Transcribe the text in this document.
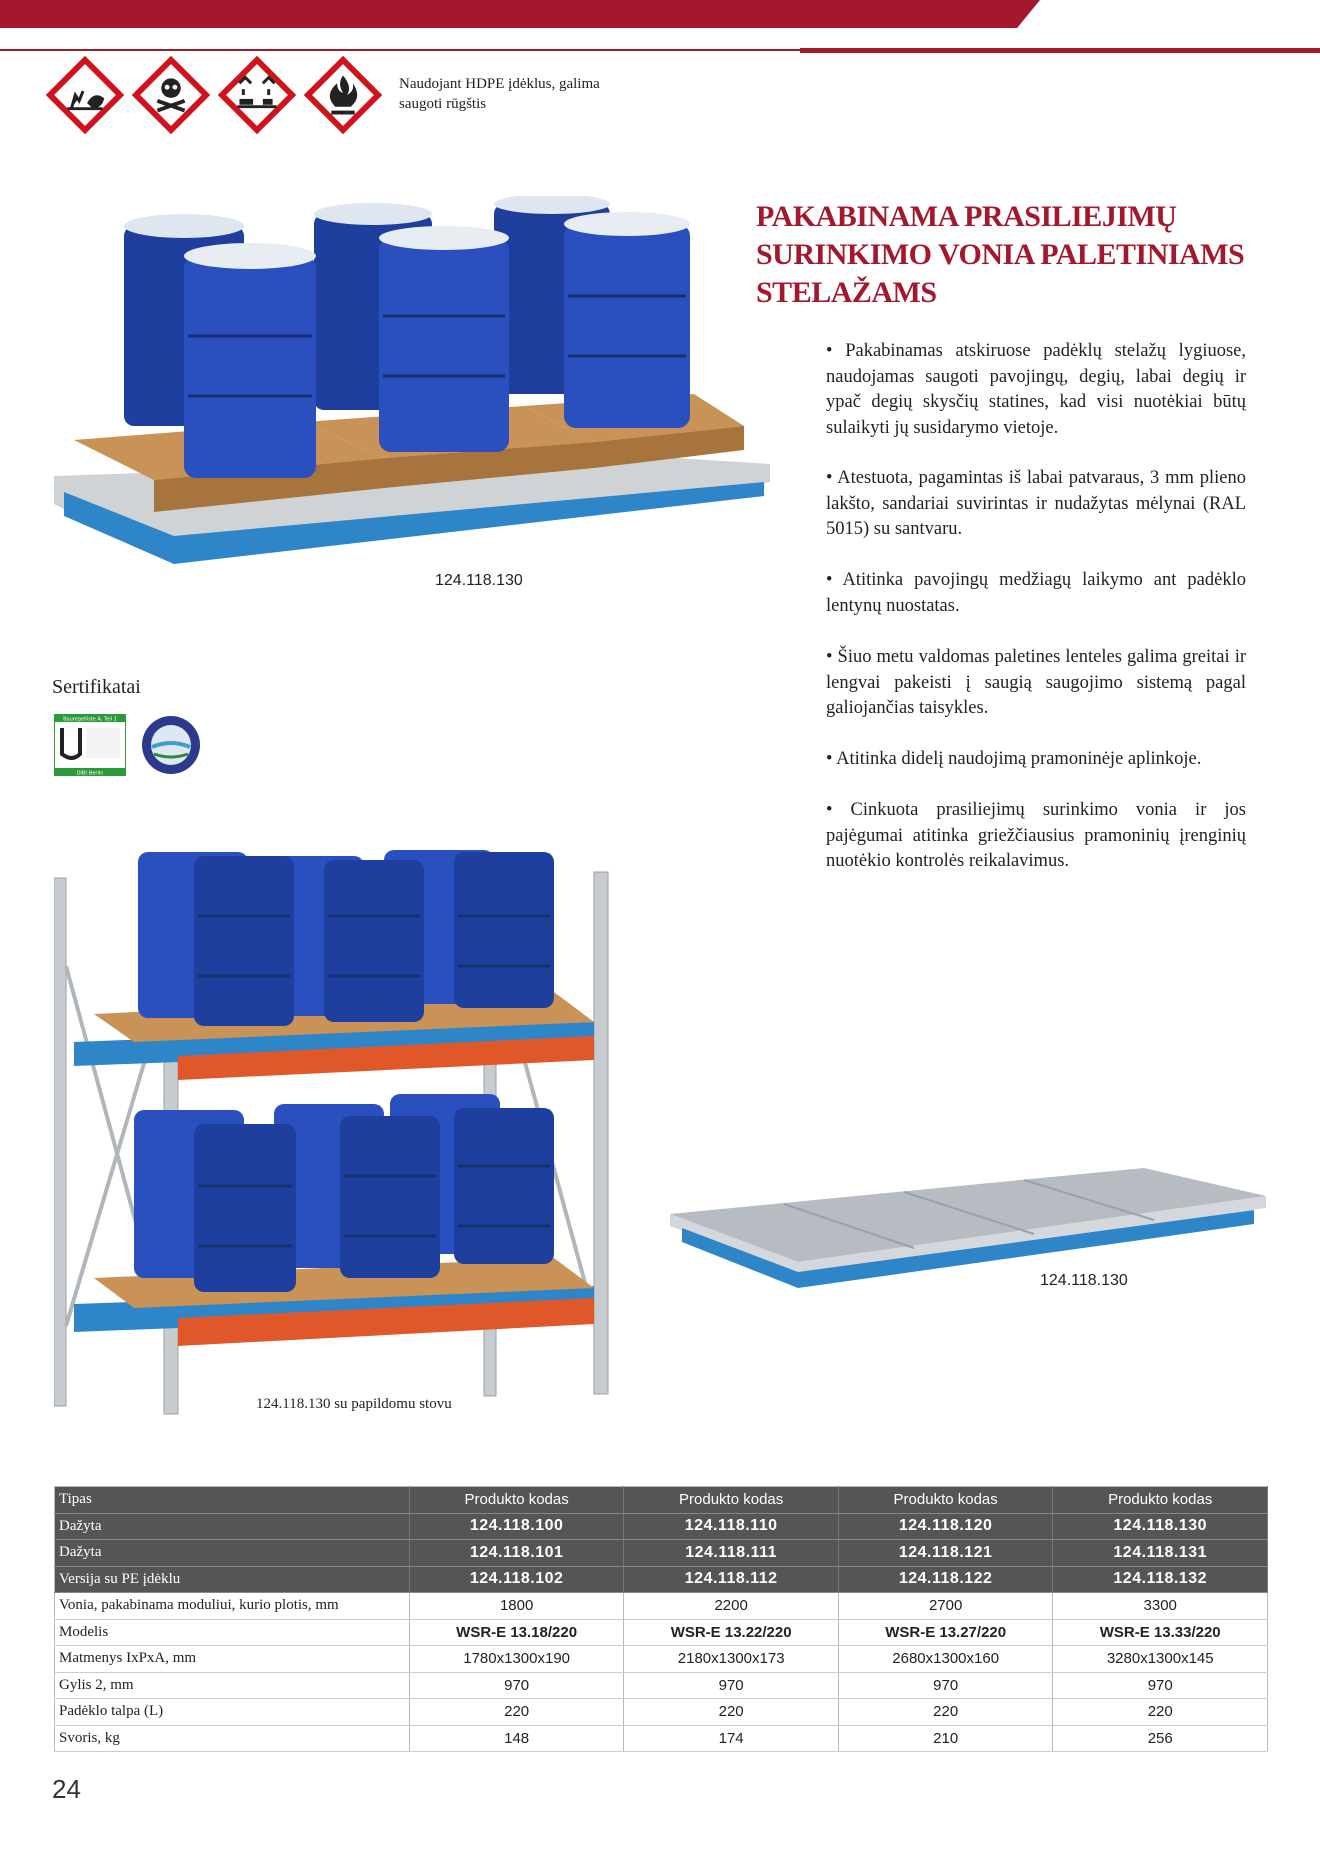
Naudojant HDPE įdėklus, galima saugoti rūgštis
124.118.130
PAKABINAMA PRASILIEJIMŲ SURINKIMO VONIA PALETINIAMS STELAŽAMS
• Pakabinamas atskiruose padėklų stelažų lygiuose, naudojamas saugoti pavojingų, degių, labai degių ir ypač degių skysčių statines, kad visi nuotėkiai būtų sulaikyti jų susidarymo vietoje.
• Atestuota, pagamintas iš labai patvaraus, 3 mm plieno lakšto, sandariai suvirintas ir nudažytas mėlynai (RAL 5015) su santvaru.
• Atitinka pavojingų medžiagų laikymo ant padėklo lentynų nuostatas.
• Šiuo metu valdomas paletines lenteles galima greitai ir lengvai pakeisti į saugią saugojimo sistemą pagal galiojančias taisykles.
• Atitinka didelį naudojimą pramoninėje aplinkoje.
• Cinkuota prasiliejimų surinkimo vonia ir jos pajėgumai atitinka griežčiausius pramoninių įrenginių nuotėkio kontrolės reikalavimus.
Sertifikatai
Bauregelliste A, Teil 1
DIBt Berlin
124.118.130 su papildomu stovu
124.118.130
Tipas	Produkto kodas	Produkto kodas	Produkto kodas	Produkto kodas
Dažyta	124.118.100	124.118.110	124.118.120	124.118.130
Dažyta	124.118.101	124.118.111	124.118.121	124.118.131
Versija su PE įdėklu	124.118.102	124.118.112	124.118.122	124.118.132
Vonia, pakabinama moduliui, kurio plotis, mm	1800	2200	2700	3300
Modelis	WSR-E 13.18/220	WSR-E 13.22/220	WSR-E 13.27/220	WSR-E 13.33/220
Matmenys IxPxA, mm	1780x1300x190	2180x1300x173	2680x1300x160	3280x1300x145
Gylis 2, mm	970	970	970	970
Padėklo talpa (L)	220	220	220	220
Svoris, kg	148	174	210	256
24
